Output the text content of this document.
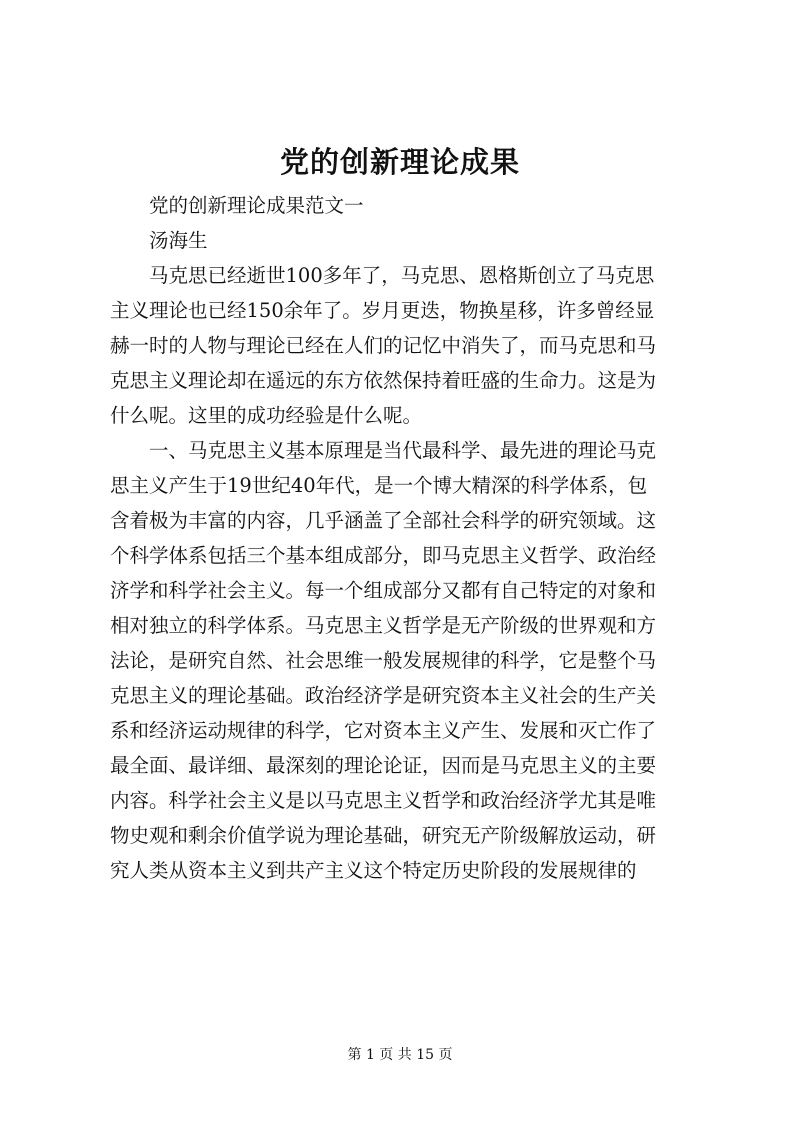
党的创新理论成果
　　党的创新理论成果范文一
　　汤海生
　　马克思已经逝世100多年了，马克思、恩格斯创立了马克思
主义理论也已经150余年了。岁月更迭，物换星移，许多曾经显
赫一时的人物与理论已经在人们的记忆中消失了，而马克思和马
克思主义理论却在遥远的东方依然保持着旺盛的生命力。这是为
什么呢。这里的成功经验是什么呢。
　　一、马克思主义基本原理是当代最科学、最先进的理论马克
思主义产生于19世纪40年代，是一个博大精深的科学体系，包
含着极为丰富的内容，几乎涵盖了全部社会科学的研究领域。这
个科学体系包括三个基本组成部分，即马克思主义哲学、政治经
济学和科学社会主义。每一个组成部分又都有自己特定的对象和
相对独立的科学体系。马克思主义哲学是无产阶级的世界观和方
法论，是研究自然、社会思维一般发展规律的科学，它是整个马
克思主义的理论基础。政治经济学是研究资本主义社会的生产关
系和经济运动规律的科学，它对资本主义产生、发展和灭亡作了
最全面、最详细、最深刻的理论论证，因而是马克思主义的主要
内容。科学社会主义是以马克思主义哲学和政治经济学尤其是唯
物史观和剩余价值学说为理论基础，研究无产阶级解放运动，研
究人类从资本主义到共产主义这个特定历史阶段的发展规律的
第 1 页 共 15 页
